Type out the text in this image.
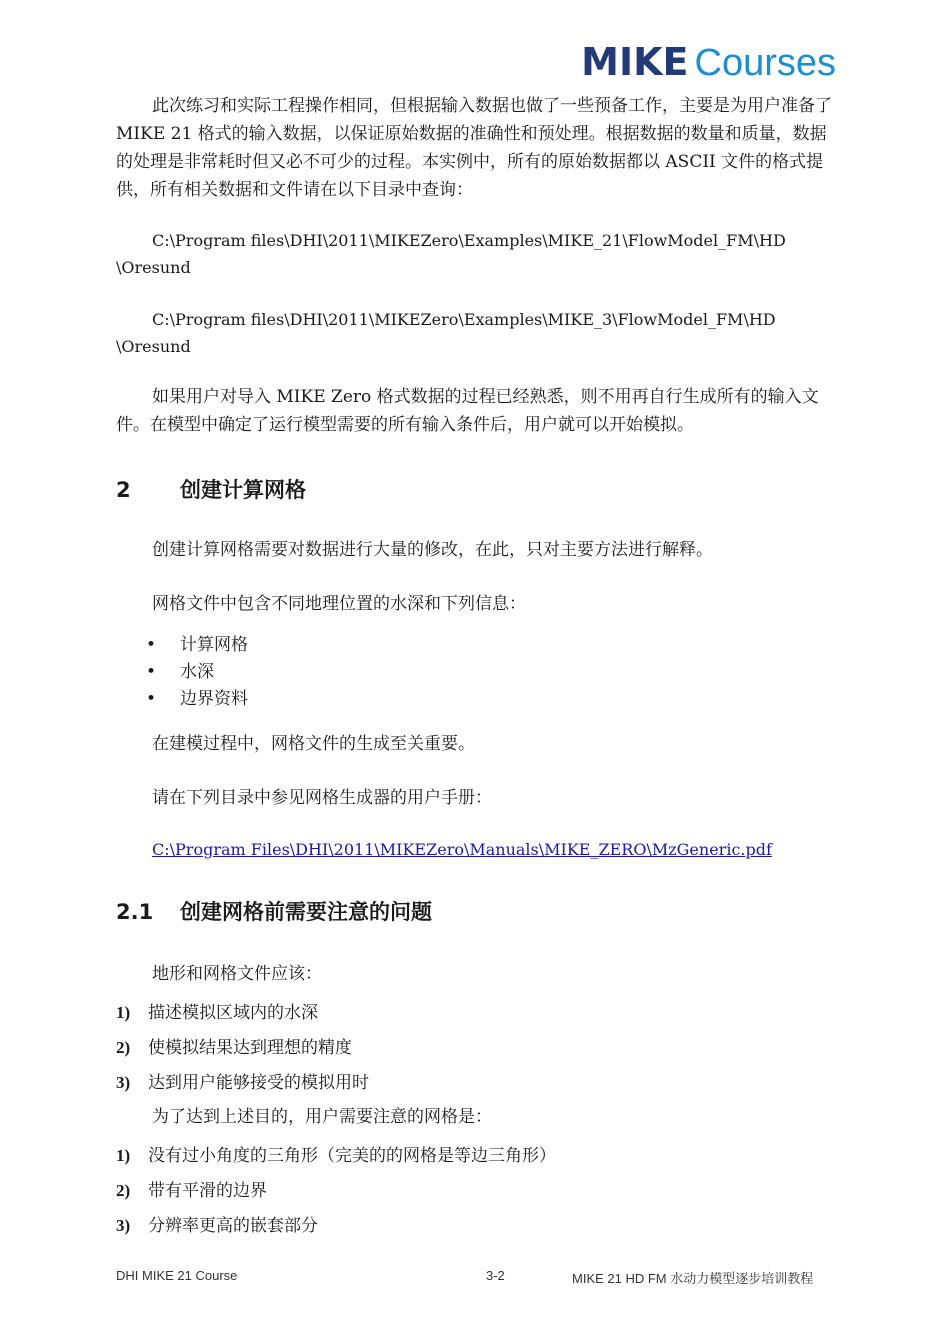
MIKE Courses

此次练习和实际工程操作相同，但根据输入数据也做了一些预备工作，主要是为用户准备了 MIKE 21 格式的输入数据，以保证原始数据的准确性和预处理。根据数据的数量和质量，数据的处理是非常耗时但又必不可少的过程。本实例中，所有的原始数据都以 ASCII 文件的格式提供，所有相关数据和文件请在以下目录中查询：

C:\Program files\DHI\2011\MIKEZero\Examples\MIKE_21\FlowModel_FM\HD
\Oresund
C:\Program files\DHI\2011\MIKEZero\Examples\MIKE_3\FlowModel_FM\HD
\Oresund

如果用户对导入 MIKE Zero 格式数据的过程已经熟悉，则不用再自行生成所有的输入文件。在模型中确定了运行模型需要的所有输入条件后，用户就可以开始模拟。

2 创建计算网格
创建计算网格需要对数据进行大量的修改，在此，只对主要方法进行解释。
网格文件中包含不同地理位置的水深和下列信息：
• 计算网格
• 水深
• 边界资料
在建模过程中，网格文件的生成至关重要。
请在下列目录中参见网格生成器的用户手册：
C:\Program Files\DHI\2011\MIKEZero\Manuals\MIKE_ZERO\MzGeneric.pdf
2.1 创建网格前需要注意的问题
地形和网格文件应该：
1) 描述模拟区域内的水深
2) 使模拟结果达到理想的精度
3) 达到用户能够接受的模拟用时
为了达到上述目的，用户需要注意的网格是：
1) 没有过小角度的三角形（完美的的网格是等边三角形）
2) 带有平滑的边界
3) 分辨率更高的嵌套部分
DHI MIKE 21 Course	3-2	MIKE 21 HD FM 水动力模型逐步培训教程
